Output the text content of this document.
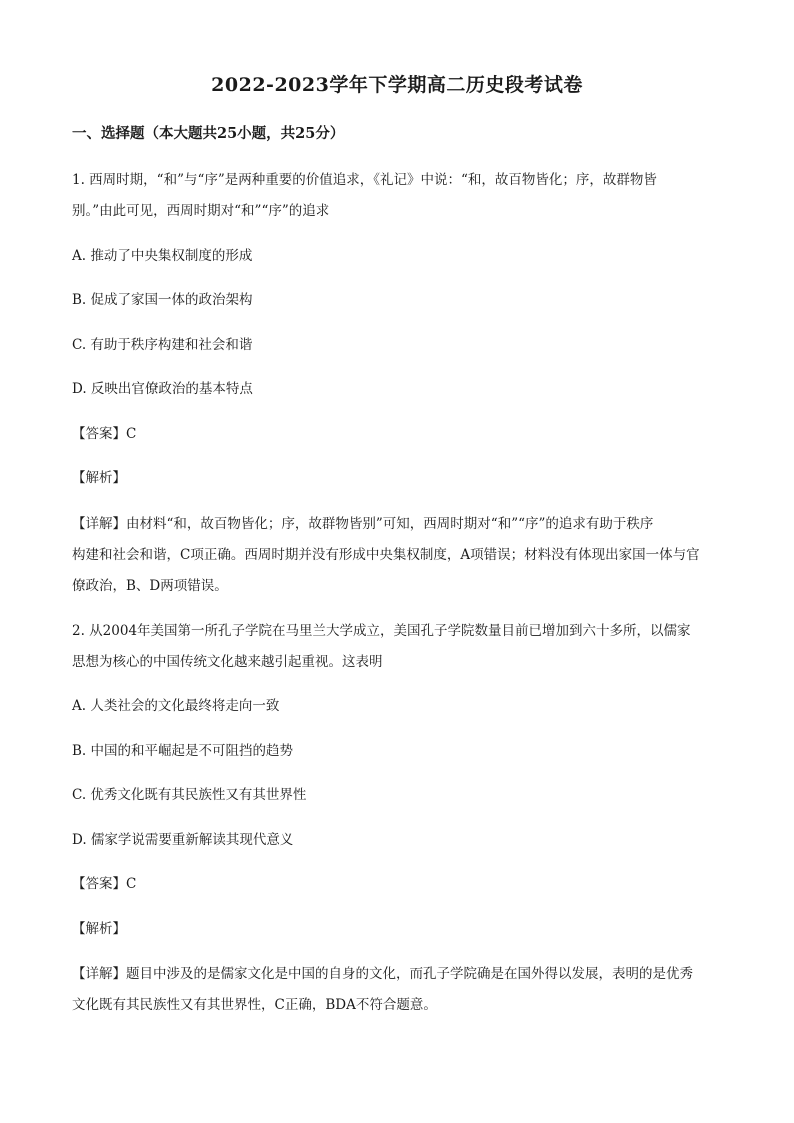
2022-2023学年下学期高二历史段考试卷
一、选择题（本大题共25小题，共25分）
1. 西周时期，“和”与“序”是两种重要的价值追求，《礼记》中说：“和，故百物皆化；序，故群物皆
别。”由此可见，西周时期对“和”“序”的追求
A. 推动了中央集权制度的形成
B. 促成了家国一体的政治架构
C. 有助于秩序构建和社会和谐
D. 反映出官僚政治的基本特点
【答案】C
【解析】
【详解】由材料“和，故百物皆化；序，故群物皆别”可知，西周时期对“和”“序”的追求有助于秩序
构建和社会和谐，C项正确。西周时期并没有形成中央集权制度，A项错误；材料没有体现出家国一体与官
僚政治，B、D两项错误。
2. 从2004年美国第一所孔子学院在马里兰大学成立，美国孔子学院数量目前已增加到六十多所，以儒家
思想为核心的中国传统文化越来越引起重视。这表明
A. 人类社会的文化最终将走向一致
B. 中国的和平崛起是不可阻挡的趋势
C. 优秀文化既有其民族性又有其世界性
D. 儒家学说需要重新解读其现代意义
【答案】C
【解析】
【详解】题目中涉及的是儒家文化是中国的自身的文化，而孔子学院确是在国外得以发展，表明的是优秀
文化既有其民族性又有其世界性，C正确，BDA不符合题意。
